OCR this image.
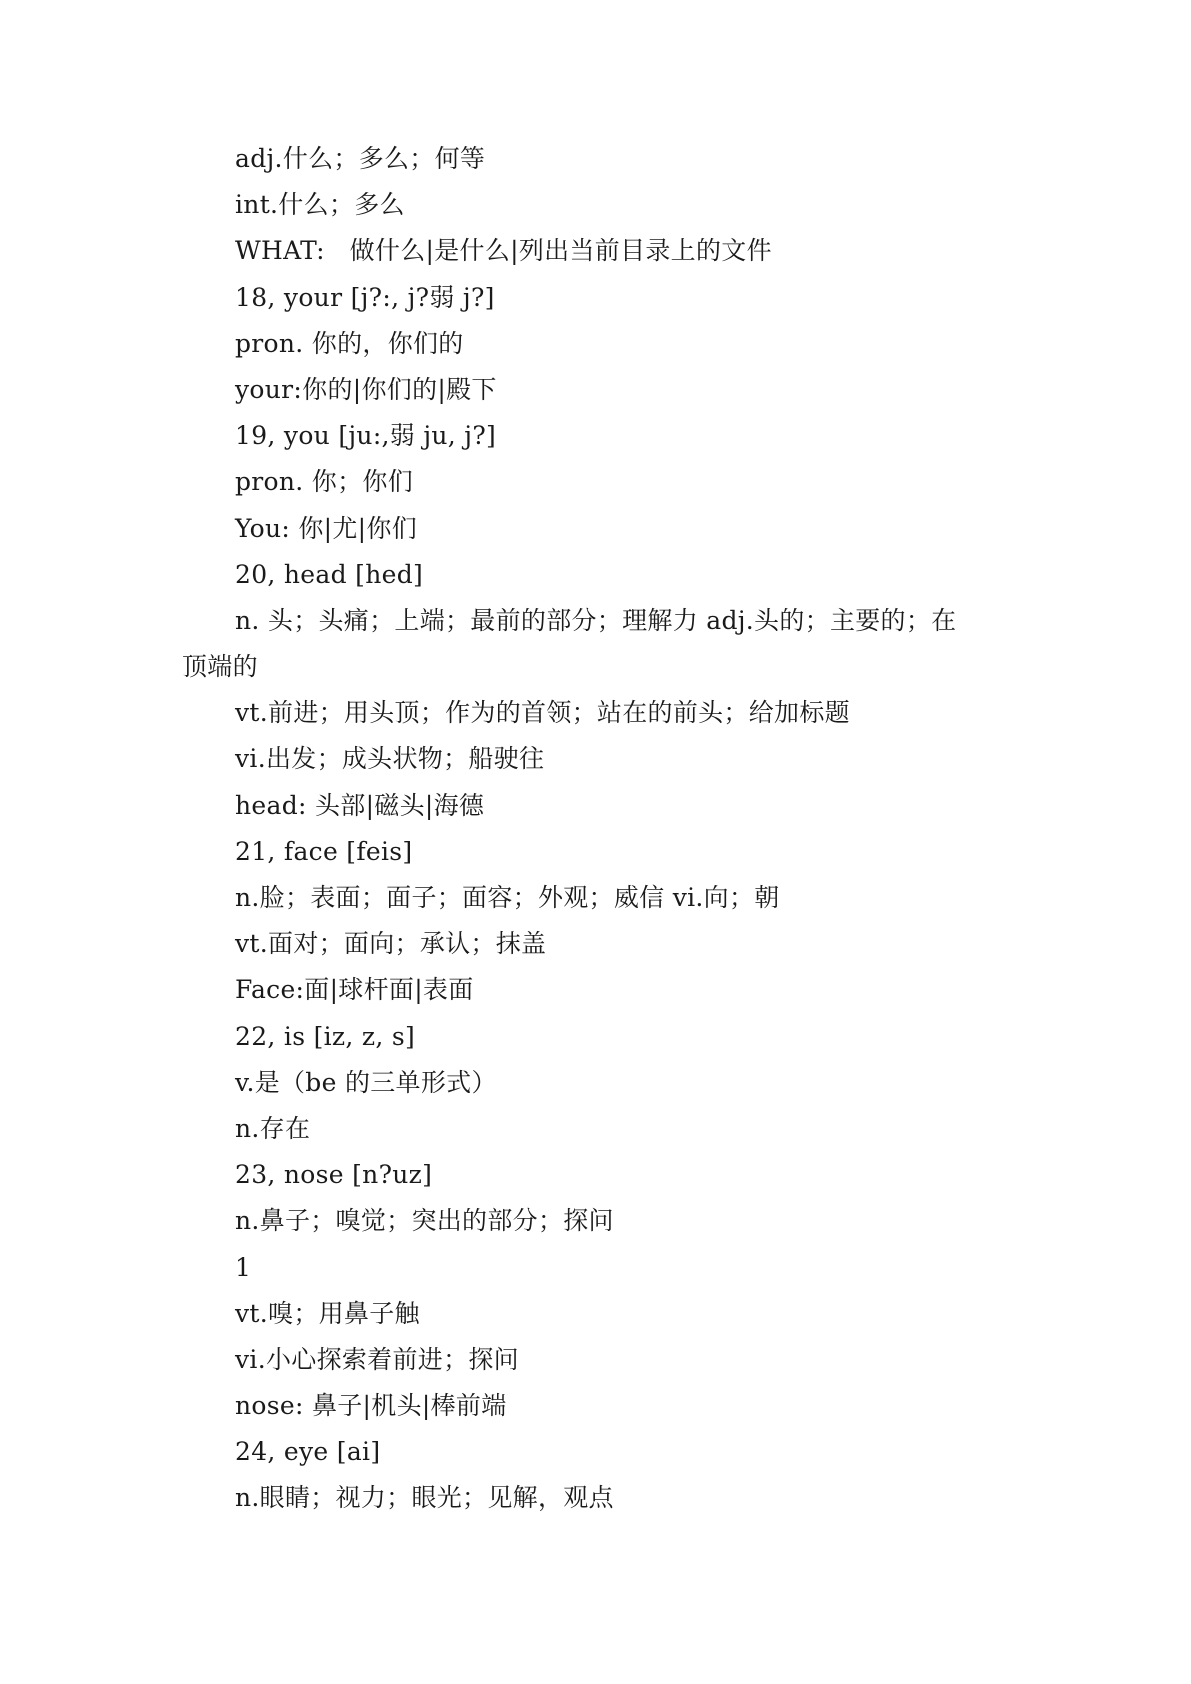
adj.什么；多么；何等
int.什么；多么
WHAT:   做什么|是什么|列出当前目录上的文件
18, your [j?:, j?弱 j?]
pron. 你的，你们的
your:你的|你们的|殿下
19, you [ju:,弱 ju, j?]
pron. 你；你们
You: 你|尤|你们
20, head [hed]
n. 头；头痛；上端；最前的部分；理解力 adj.头的；主要的；在
顶端的
vt.前进；用头顶；作为的首领；站在的前头；给加标题
vi.出发；成头状物；船驶往
head: 头部|磁头|海德
21, face [feis]
n.脸；表面；面子；面容；外观；威信 vi.向；朝
vt.面对；面向；承认；抹盖
Face:面|球杆面|表面
22, is [iz, z, s]
v.是（be 的三单形式）
n.存在
23, nose [n?uz]
n.鼻子；嗅觉；突出的部分；探问
1
vt.嗅；用鼻子触
vi.小心探索着前进；探问
nose: 鼻子|机头|棒前端
24, eye [ai]
n.眼睛；视力；眼光；见解，观点
